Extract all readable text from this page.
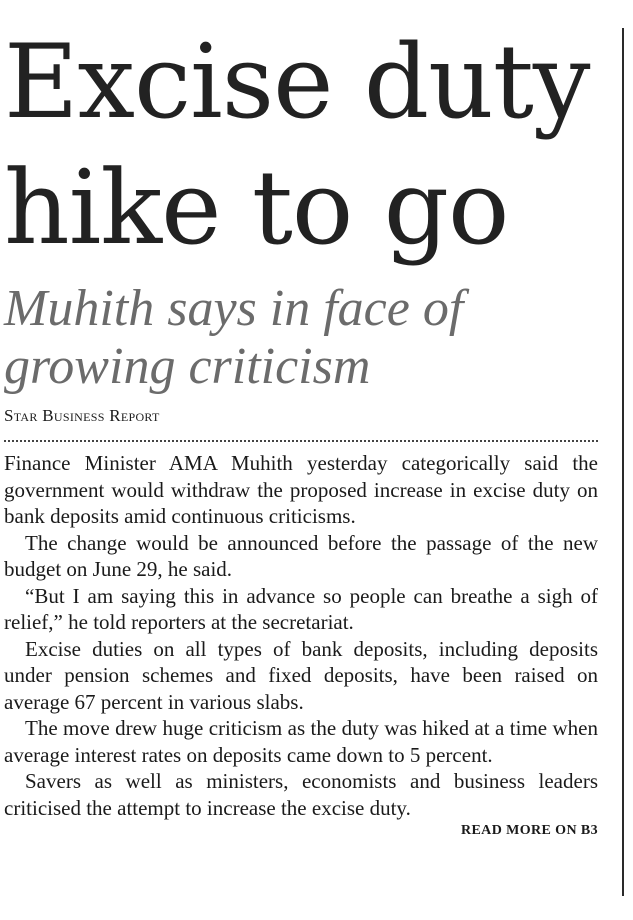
Excise duty
hike to go
Muhith says in face of
growing criticism
Star Business Report

Finance Minister AMA Muhith yesterday categorically said the government would withdraw the proposed increase in excise duty on bank deposits amid continuous criticisms.

The change would be announced before the passage of the new budget on June 29, he said.

“But I am saying this in advance so people can breathe a sigh of relief,” he told reporters at the secretariat.

Excise duties on all types of bank deposits, including deposits under pension schemes and fixed deposits, have been raised on average 67 percent in various slabs.

The move drew huge criticism as the duty was hiked at a time when average interest rates on deposits came down to 5 percent.

Savers as well as ministers, economists and business leaders criticised the attempt to increase the excise duty.

READ MORE ON B3
